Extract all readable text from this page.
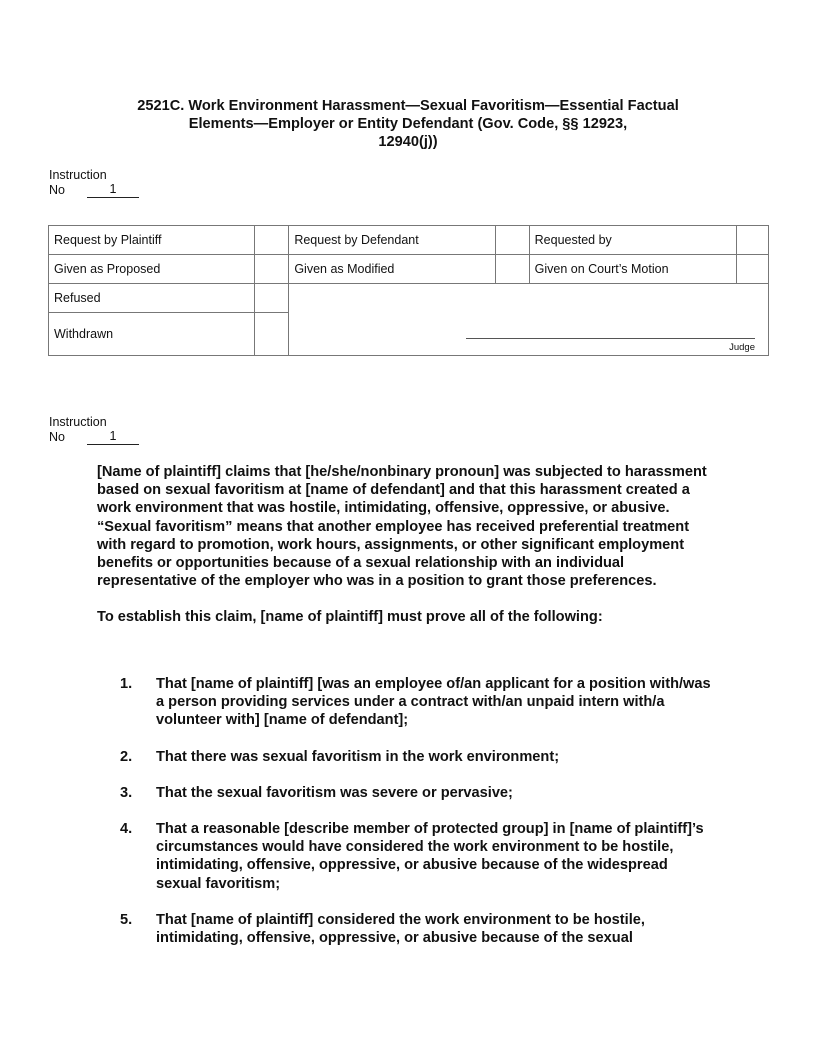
2521C. Work Environment Harassment—Sexual Favoritism—Essential Factual
Elements—Employer or Entity Defendant (Gov. Code, §§ 12923,
12940(j))
Instruction
No	1
Request by Plaintiff		Request by Defendant		Requested by	
Given as Proposed		Given as Modified		Given on Court’s Motion	
Refused		Judge			

Withdrawn					
Instruction
No	1

[Name of plaintiff] claims that [he/she/nonbinary pronoun] was subjected to harassment based on sexual favoritism at [name of defendant] and that this harassment created a work environment that was hostile, intimidating, offensive, oppressive, or abusive. “Sexual favoritism” means that another employee has received preferential treatment with regard to promotion, work hours, assignments, or other significant employment benefits or opportunities because of a sexual relationship with an individual representative of the employer who was in a position to grant those preferences.

To establish this claim, [name of plaintiff] must prove all of the following:

1.	That [name of plaintiff] [was an employee of/an applicant for a position with/was a person providing services under a contract with/an unpaid intern with/a volunteer with] [name of defendant];
2.	That there was sexual favoritism in the work environment;
3.	That the sexual favoritism was severe or pervasive;
4.	That a reasonable [describe member of protected group] in [name of plaintiff]’s circumstances would have considered the work environment to be hostile, intimidating, offensive, oppressive, or abusive because of the widespread sexual favoritism;
5.	That [name of plaintiff] considered the work environment to be hostile, intimidating, offensive, oppressive, or abusive because of the sexual
